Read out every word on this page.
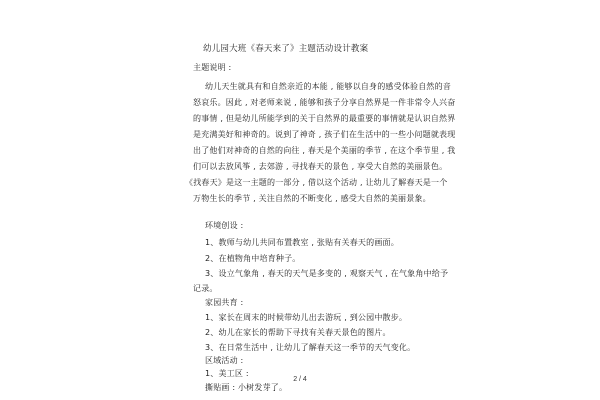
幼儿园大班《春天来了》主题活动设计教案
主题说明 :
幼儿天生就具有和自然亲近的本能 , 能够以自身的感受体验自然的音
怒哀乐。因此 , 对老师来说 , 能够和孩子分享自然界是一件非常令人兴奋
的事情 , 但是幼儿所能学到的关于自然界的最重要的事情就是认识自然界
是充满美好和神奇的。说到了神奇 , 孩子们在生活中的一些小问题就表现
出了他们对神奇的自然的向往 , 春天是个美丽的季节 , 在这个季节里 , 我
们可以去放风筝 , 去郊游 , 寻找春天的景色 , 享受大自然的美丽景色。
《找春天》是这一主题的一部分 , 借以这个活动 , 让幼儿了解春天是一个
万物生长的季节 , 关注自然的不断变化 , 感受大自然的美丽景象。
环境创设 :
1、教师与幼儿共同布置教室 , 张贴有关春天的画面。
2、在植物角中培育种子。
3、设立气象角 , 春天的天气是多变的 , 观察天气 , 在气象角中给予
记录。
家园共育 :
1、家长在周末的时候带幼儿出去游玩 , 到公园中散步。
2、幼儿在家长的帮助下寻找有关春天景色的图片。
3、在日常生活中 , 让幼儿了解春天这一季节的天气变化。
区域活动 :
1、美工区 :
撕贴画 : 小树发芽了。
2 / 4
